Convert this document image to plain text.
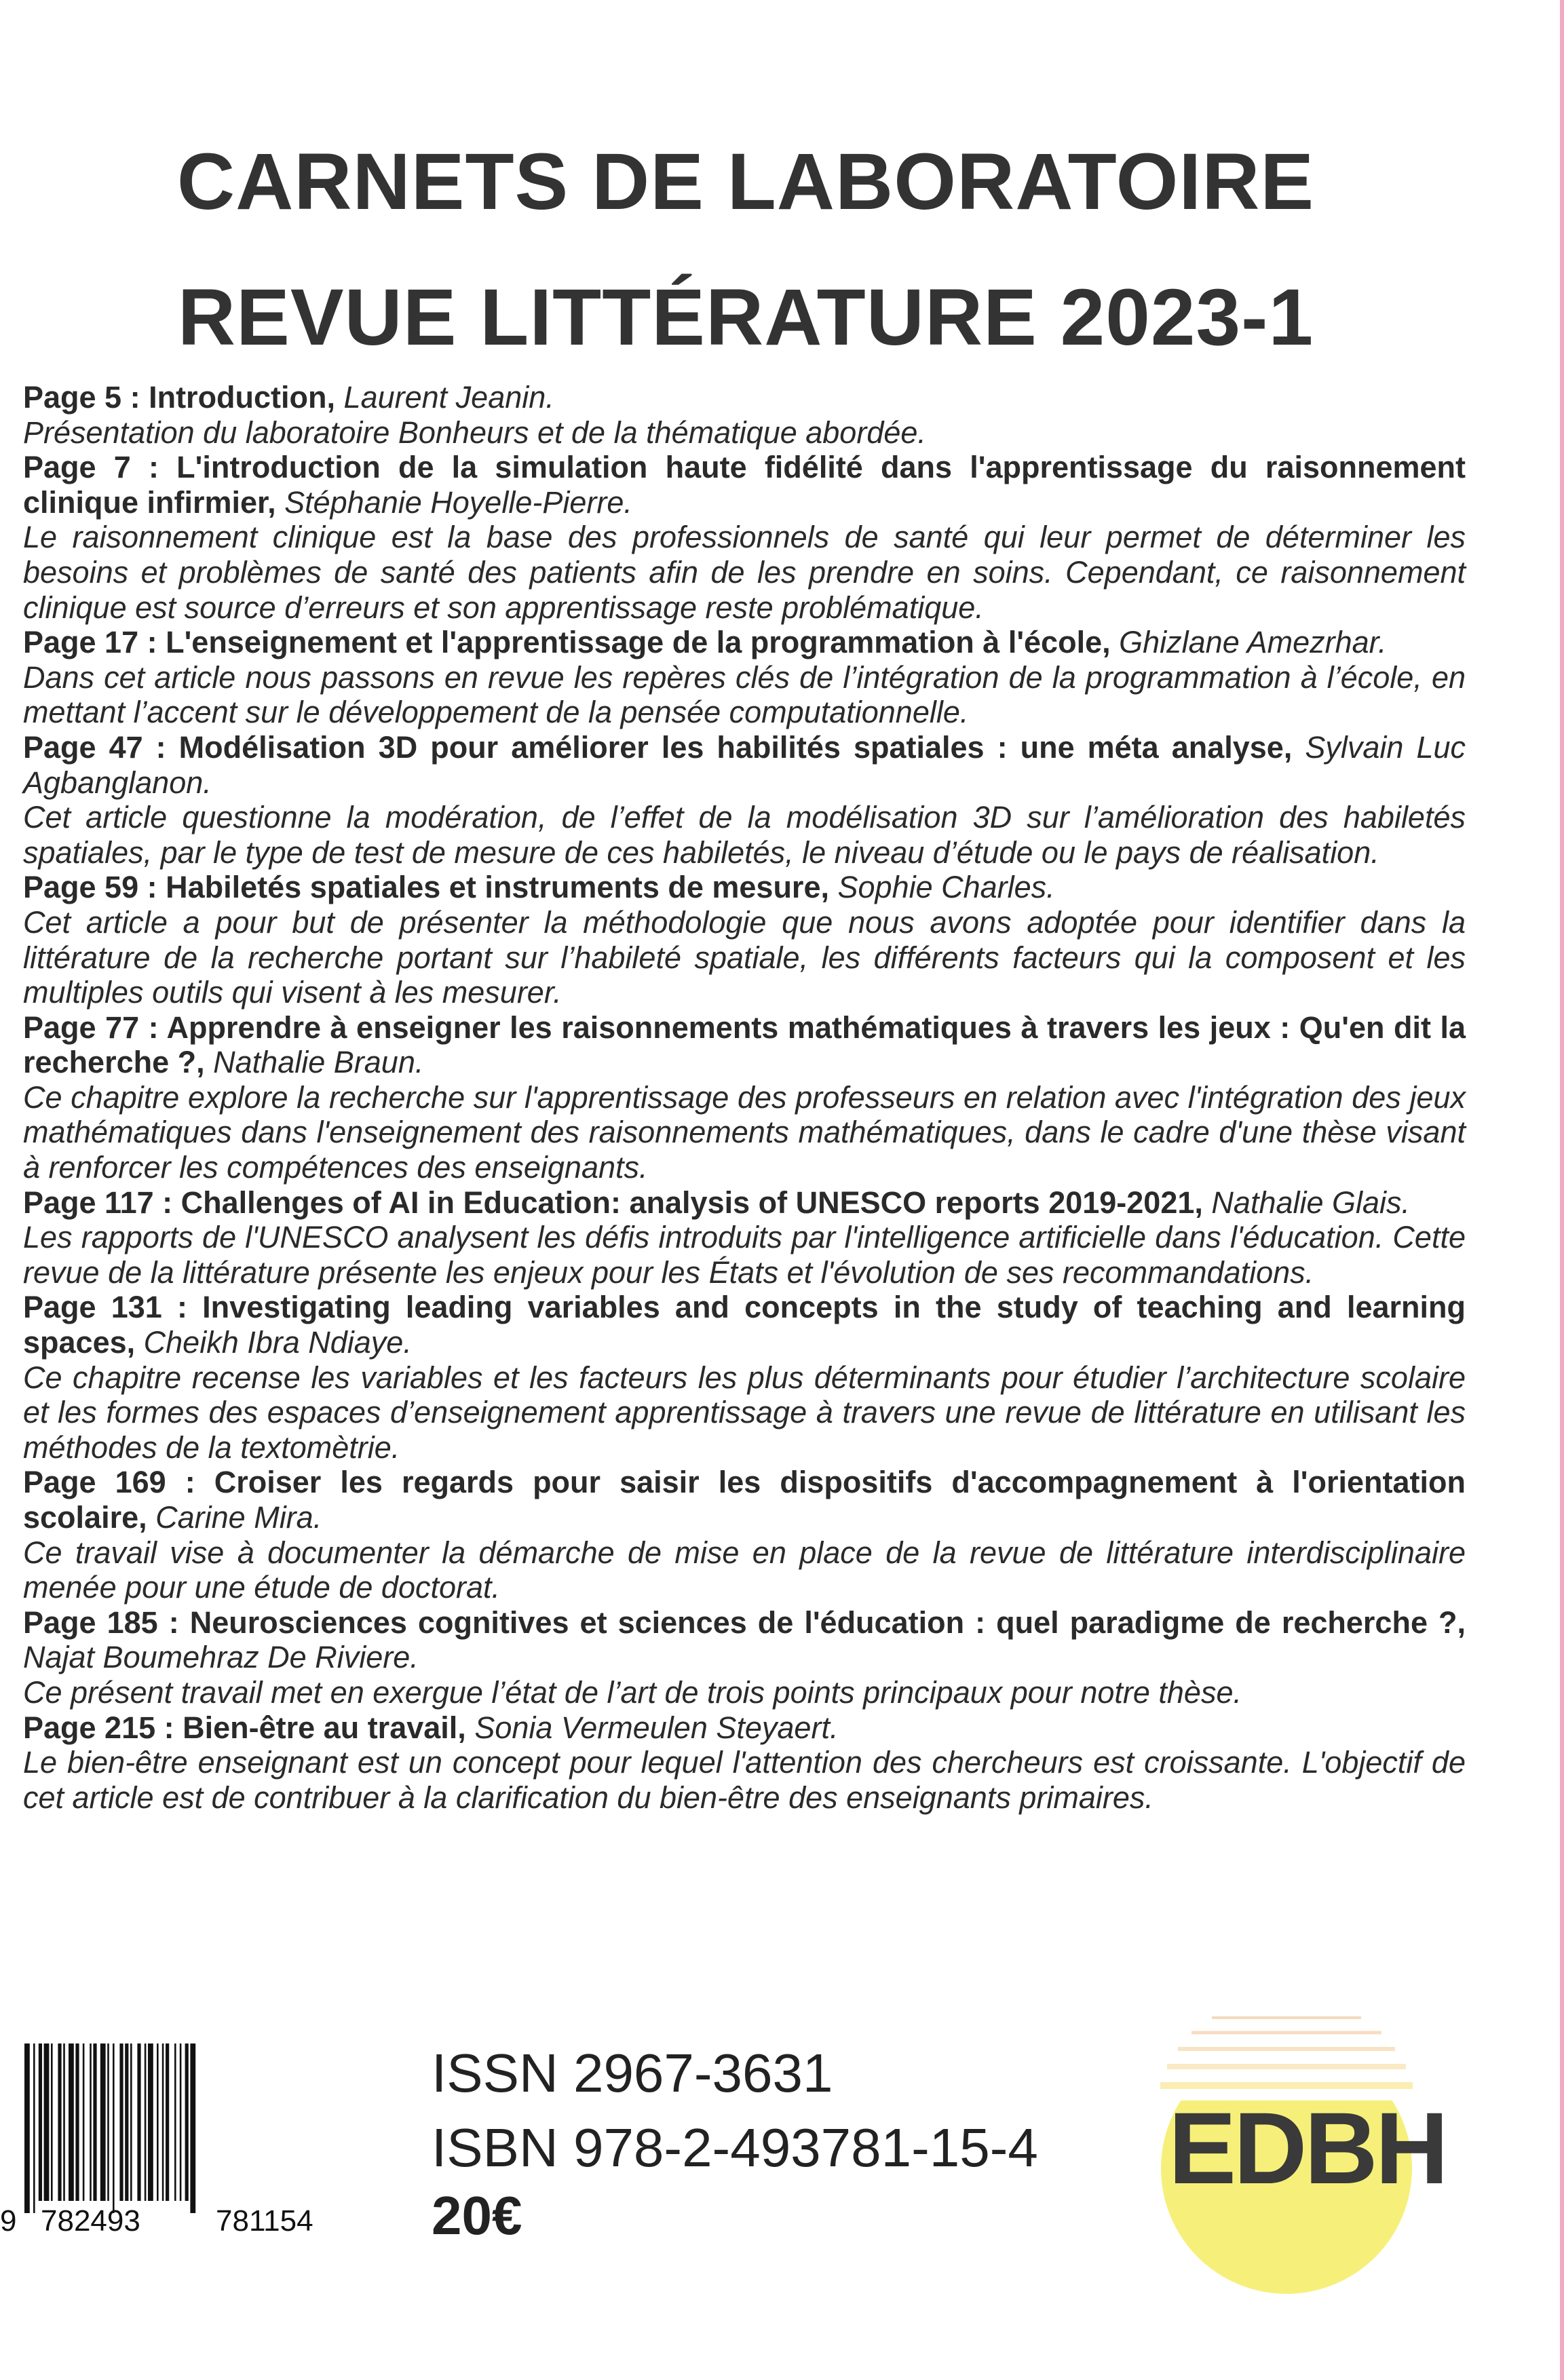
CARNETS DE LABORATOIRE
REVUE LITTÉRATURE 2023-1
Page 5 : Introduction, Laurent Jeanin.
Présentation du laboratoire Bonheurs et de la thématique abordée.
Page 7 : L'introduction de la simulation haute fidélité dans l'apprentissage du raisonnement clinique infirmier, Stéphanie Hoyelle-Pierre.
Le raisonnement clinique est la base des professionnels de santé qui leur permet de déterminer les besoins et problèmes de santé des patients afin de les prendre en soins. Cependant, ce raisonnement clinique est source d’erreurs et son apprentissage reste problématique.
Page 17 : L'enseignement et l'apprentissage de la programmation à l'école, Ghizlane Amezrhar.
Dans cet article nous passons en revue les repères clés de l’intégration de la programmation à l’école, en mettant l’accent sur le développement de la pensée computationnelle.
Page 47 : Modélisation 3D pour améliorer les habilités spatiales : une méta analyse, Sylvain Luc Agbanglanon.
Cet article questionne la modération, de l’effet de la modélisation 3D sur l’amélioration des habiletés spatiales, par le type de test de mesure de ces habiletés, le niveau d’étude ou le pays de réalisation.
Page 59 : Habiletés spatiales et instruments de mesure, Sophie Charles.
Cet article a pour but de présenter la méthodologie que nous avons adoptée pour identifier dans la littérature de la recherche portant sur l’habileté spatiale, les différents facteurs qui la composent et les multiples outils qui visent à les mesurer.
Page 77 : Apprendre à enseigner les raisonnements mathématiques à travers les jeux : Qu'en dit la recherche ?, Nathalie Braun.
Ce chapitre explore la recherche sur l'apprentissage des professeurs en relation avec l'intégration des jeux mathématiques dans l'enseignement des raisonnements mathématiques, dans le cadre d'une thèse visant à renforcer les compétences des enseignants.
Page 117 : Challenges of AI in Education: analysis of UNESCO reports 2019-2021, Nathalie Glais.
Les rapports de l'UNESCO analysent les défis introduits par l'intelligence artificielle dans l'éducation. Cette revue de la littérature présente les enjeux pour les États et l'évolution de ses recommandations.
Page 131 : Investigating leading variables and concepts in the study of teaching and learning spaces, Cheikh Ibra Ndiaye.
Ce chapitre recense les variables et les facteurs les plus déterminants pour étudier l’architecture scolaire et les formes des espaces d’enseignement apprentissage à travers une revue de littérature en utilisant les méthodes de la textomètrie.
Page 169 : Croiser les regards pour saisir les dispositifs d'accompagnement à l'orientation scolaire, Carine Mira.
Ce travail vise à documenter la démarche de mise en place de la revue de littérature interdisciplinaire menée pour une étude de doctorat.
Page 185 : Neurosciences cognitives et sciences de l'éducation : quel paradigme de recherche ?, Najat Boumehraz De Riviere.
Ce présent travail met en exergue l’état de l’art de trois points principaux pour notre thèse.
Page 215 : Bien-être au travail, Sonia Vermeulen Steyaert.
Le bien-être enseignant est un concept pour lequel l'attention des chercheurs est croissante. L'objectif de cet article est de contribuer à la clarification du bien-être des enseignants primaires.
9 782493	781154
ISSN 2967-3631
ISBN 978-2-493781-15-4
20€
EDBH
